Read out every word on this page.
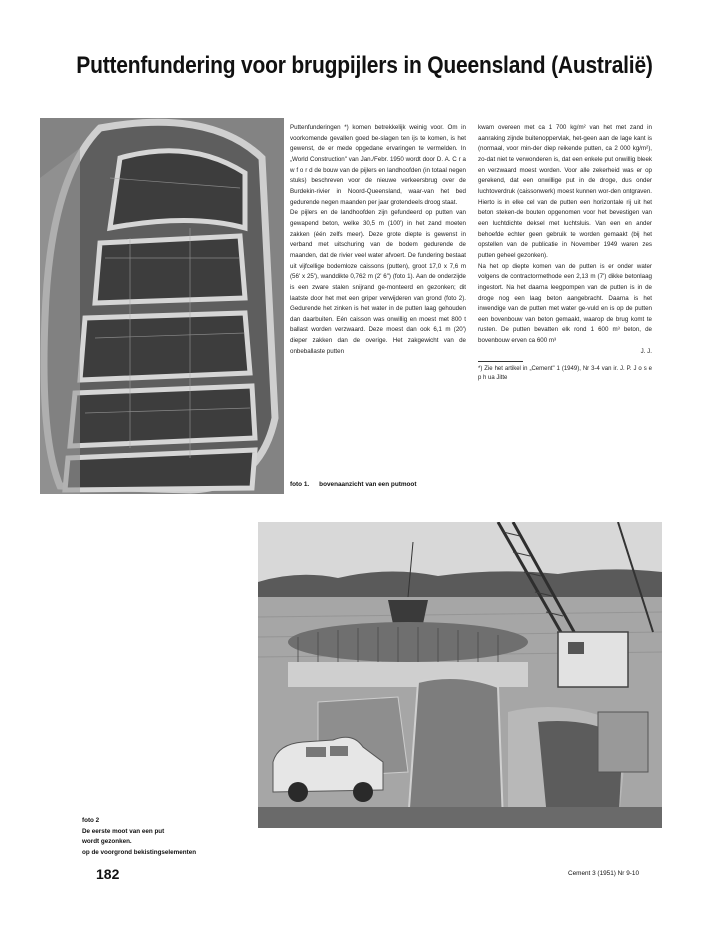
Puttenfundering voor brugpijlers in Queensland (Australië)

Puttenfunderingen *) komen betrekkelijk weinig voor. Om in voorkomende gevallen goed be-slagen ten ijs te komen, is het gewenst, de er mede opgedane ervaringen te vermelden. In „World Construction" van Jan./Febr. 1950 wordt door D. A. C r a w f o r d de bouw van de pijlers en landhoofden (in totaal negen stuks) beschreven voor de nieuwe verkeersbrug over de Burdekin-rivier in Noord-Queensland, waar-van het bed gedurende negen maanden per jaar grotendeels droog staat.

De pijlers en de landhoofden zijn gefundeerd op putten van gewapend beton, welke 30,5 m (100') in het zand moeten zakken (één zelfs meer). Deze grote diepte is gewenst in verband met uitschuring van de bodem gedurende de maanden, dat de rivier veel water afvoert. De fundering bestaat uit vijfcellige bodemloze caissons (putten), groot 17,0 x 7,6 m (56' x 25'), wanddikte 0,762 m (2' 6") (foto 1). Aan de onderzijde is een zware stalen snijrand ge-monteerd en gezonken; dit laatste door het met een griper verwijderen van grond (foto 2). Gedurende het zinken is het water in de putten laag gehouden dan daarbuiten. Eén caisson was onwillig en moest met 800 t ballast worden verzwaard. Deze moest dan ook 6,1 m (20') dieper zakken dan de overige. Het zakgewicht van de onbeballaste putten

kwam overeen met ca 1 700 kg/m² van het met zand in aanraking zijnde buitenoppervlak, het-geen aan de lage kant is (normaal, voor min-der diep reikende putten, ca 2 000 kg/m²), zo-dat niet te verwonderen is, dat een enkele put onwillig bleek en verzwaard moest worden. Voor alle zekerheid was er op gerekend, dat een onwillige put in de droge, dus onder luchtoverdruk (caissonwerk) moest kunnen wor-den ontgraven. Hierto is in elke cel van de putten een horizontale rij uit het beton steken-de bouten opgenomen voor het bevestigen van een luchtdichte deksel met luchtsluis. Van een en ander behoefde echter geen gebruik te worden gemaakt (bij het opstellen van de publicatie in November 1949 waren zes putten geheel gezonken).

Na het op diepte komen van de putten is er onder water volgens de contractormethode een 2,13 m (7') dikke betonlaag ingestort. Na het daarna leegpompen van de putten is in de droge nog een laag beton aangebracht. Daarna is het inwendige van de putten met water ge-vuld en is op de putten een bovenbouw van beton gemaakt, waarop de brug komt te rusten. De putten bevatten elk rond 1 600 m³ beton, de bovenbouw erven ca 600 m³

J. J.

*) Zie het artikel in „Cement" 1 (1949), Nr 3-4 van ir. J. P. J o s e p h ua Jitte

foto 1. bovenaanzicht van een putmoot
foto 2
De eerste moot van een put
wordt gezonken.
op de voorgrond bekistingselementen
182	Cement 3 (1951) Nr 9-10
